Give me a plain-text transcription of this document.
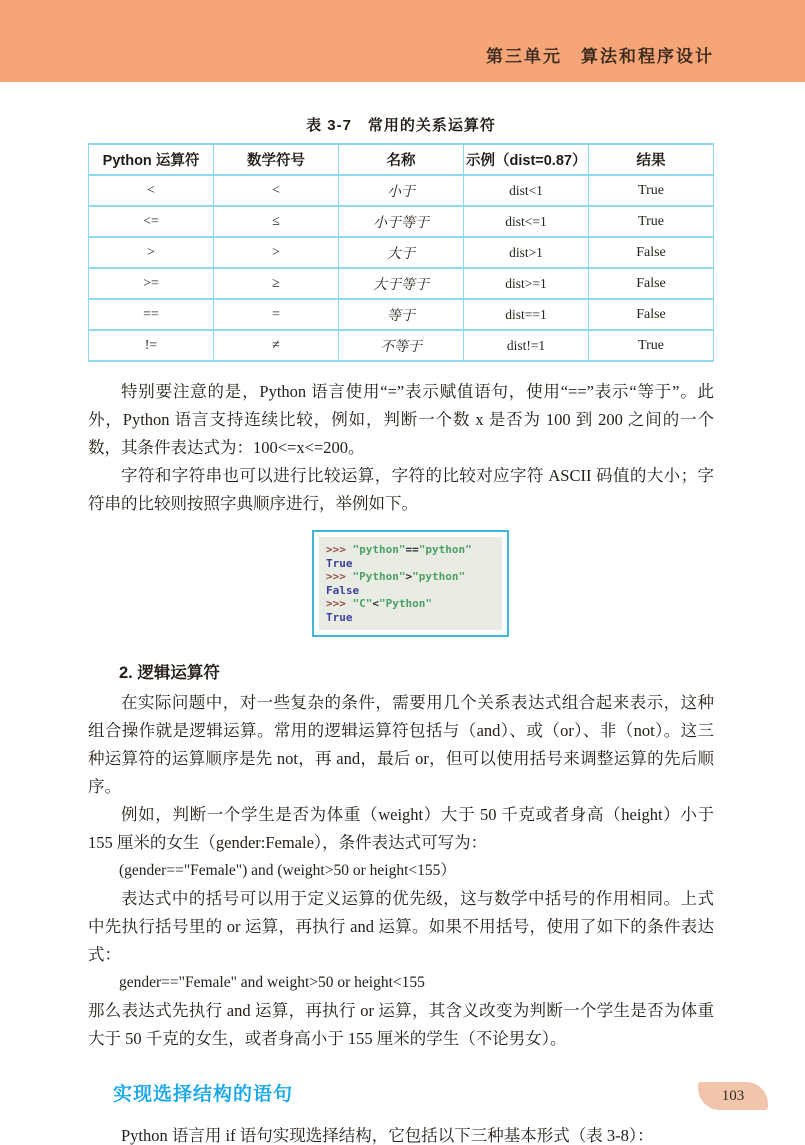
第三单元　算法和程序设计
表 3-7　常用的关系运算符
Python 运算符	数学符号	名称	示例（dist=0.87）	结果
<	<	小于	dist<1	True
<=	≤	小于等于	dist<=1	True
>	>	大于	dist>1	False
>=	≥	大于等于	dist>=1	False
==	=	等于	dist==1	False
!=	≠	不等于	dist!=1	True

特别要注意的是，Python 语言使用“=”表示赋值语句，使用“==”表示“等于”。此外，Python 语言支持连续比较，例如，判断一个数 x 是否为 100 到 200 之间的一个数，其条件表达式为：100<=x<=200。

字符和字符串也可以进行比较运算，字符的比较对应字符 ASCII 码值的大小；字符串的比较则按照字典顺序进行，举例如下。

>>> "python"=="python"
True
>>> "Python">"python"
False
>>> "C"<"Python"
True
2. 逻辑运算符

在实际问题中，对一些复杂的条件，需要用几个关系表达式组合起来表示，这种组合操作就是逻辑运算。常用的逻辑运算符包括与（and）、或（or）、非（not）。这三种运算符的运算顺序是先 not，再 and，最后 or，但可以使用括号来调整运算的先后顺序。

例如，判断一个学生是否为体重（weight）大于 50 千克或者身高（height）小于 155 厘米的女生（gender:Female），条件表达式可写为：

(gender=="Female") and (weight>50 or height<155）

表达式中的括号可以用于定义运算的优先级，这与数学中括号的作用相同。上式中先执行括号里的 or 运算，再执行 and 运算。如果不用括号，使用了如下的条件表达式：

gender=="Female" and weight>50 or height<155

那么表达式先执行 and 运算，再执行 or 运算，其含义改变为判断一个学生是否为体重大于 50 千克的女生，或者身高小于 155 厘米的学生（不论男女）。

实现选择结构的语句

Python 语言用 if 语句实现选择结构，它包括以下三种基本形式（表 3-8）：

103
